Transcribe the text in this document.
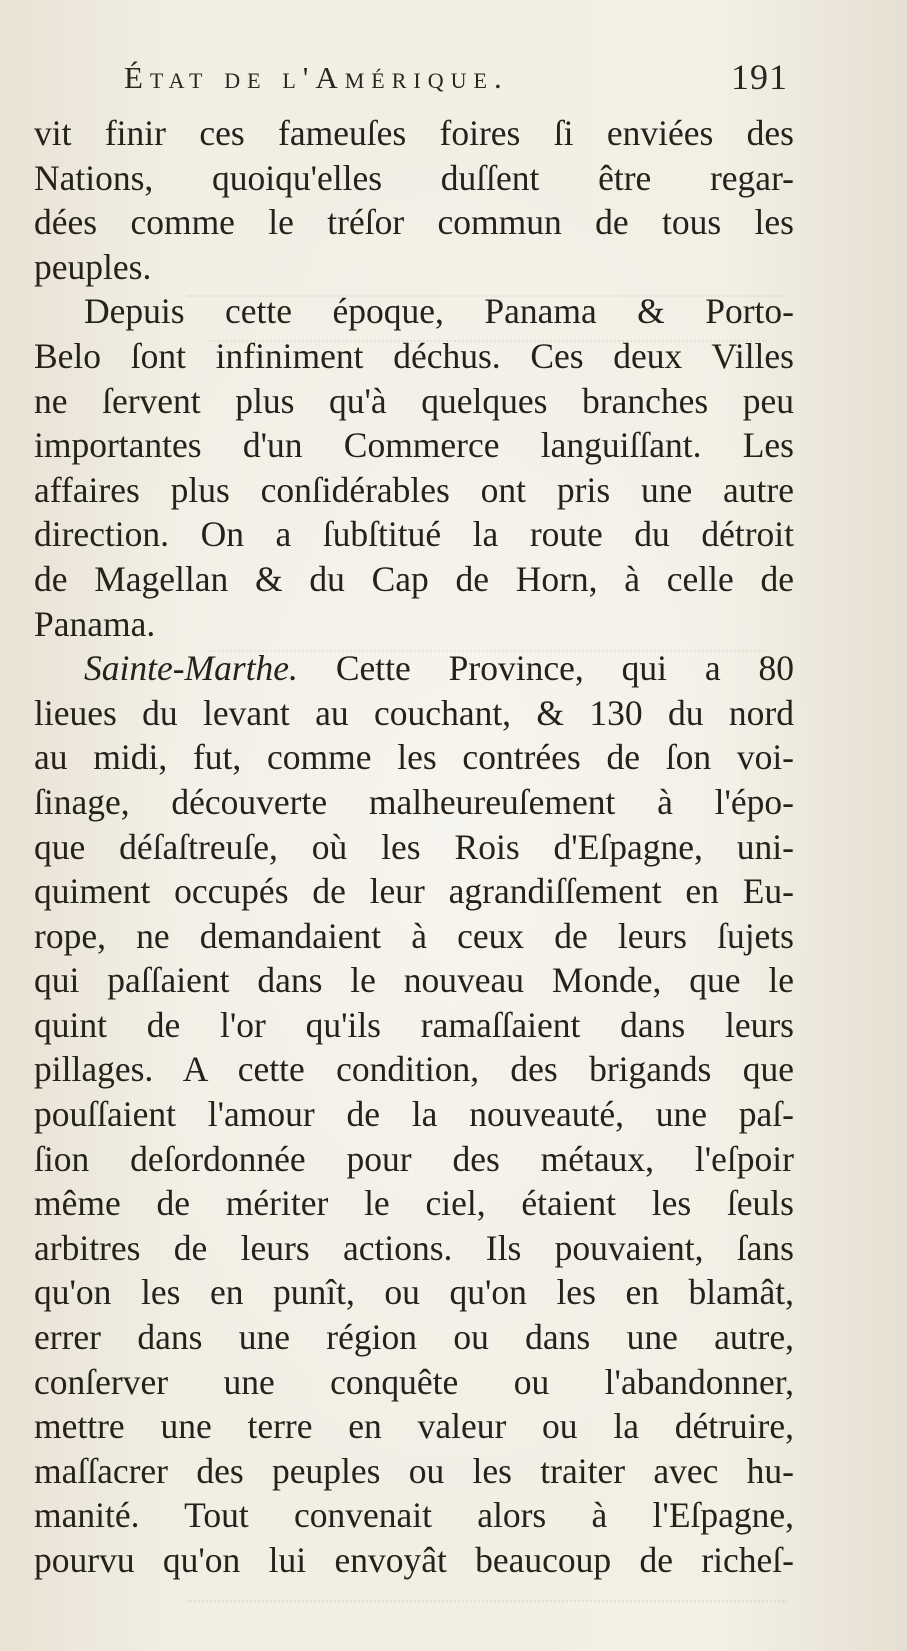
État de l'Amérique.	191
vit finir ces fameuſes foires ſi enviées des
Nations, quoiqu'elles duſſent être regar-
dées comme le tréſor commun de tous les
peuples.
Depuis cette époque, Panama & Porto-
Belo ſont infiniment déchus. Ces deux Villes
ne ſervent plus qu'à quelques branches peu
importantes d'un Commerce languiſſant. Les
affaires plus conſidérables ont pris une autre
direction. On a ſubſtitué la route du détroit
de Magellan & du Cap de Horn, à celle de
Panama.
Sainte-Marthe. Cette Province, qui a 80
lieues du levant au couchant, & 130 du nord
au midi, fut, comme les contrées de ſon voi-
ſinage, découverte malheureuſement à l'épo-
que déſaſtreuſe, où les Rois d'Eſpagne, uni-
quiment occupés de leur agrandiſſement en Eu-
rope, ne demandaient à ceux de leurs ſujets
qui paſſaient dans le nouveau Monde, que le
quint de l'or qu'ils ramaſſaient dans leurs
pillages. A cette condition, des brigands que
pouſſaient l'amour de la nouveauté, une paſ-
ſion deſordonnée pour des métaux, l'eſpoir
même de mériter le ciel, étaient les ſeuls
arbitres de leurs actions. Ils pouvaient, ſans
qu'on les en punît, ou qu'on les en blamât,
errer dans une région ou dans une autre,
conſerver une conquête ou l'abandonner,
mettre une terre en valeur ou la détruire,
maſſacrer des peuples ou les traiter avec hu-
manité. Tout convenait alors à l'Eſpagne,
pourvu qu'on lui envoyât beaucoup de richeſ-
